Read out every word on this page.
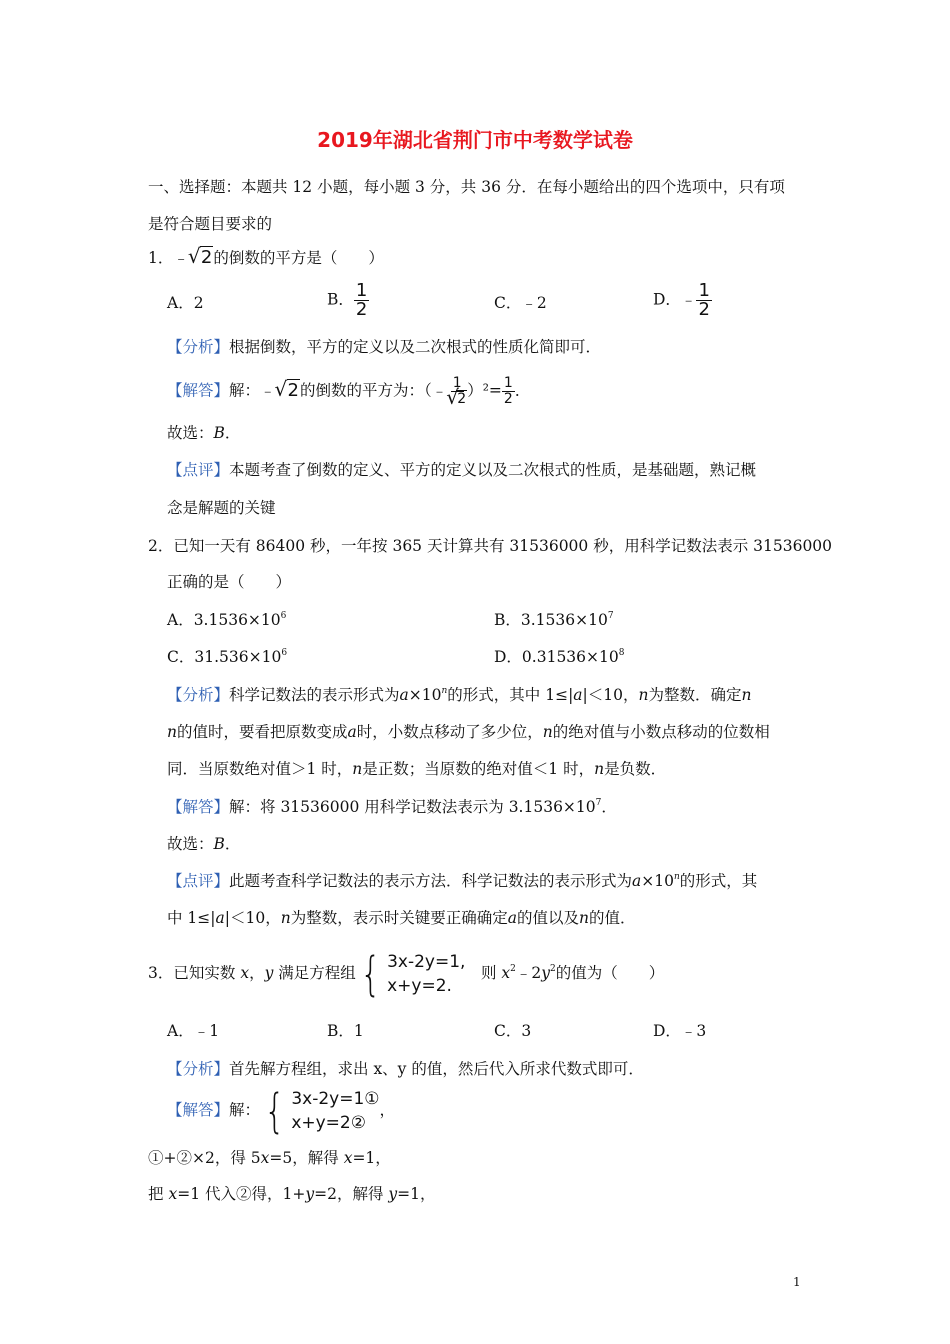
2019年湖北省荆门市中考数学试卷
一、选择题：本题共 12 小题，每小题 3 分，共 36 分．在每小题给出的四个选项中，只有项
是符合题目要求的
1．﹣ √ 2的倒数的平方是（　　）
A．2	B． $\frac{1}{2}$	C．﹣2	D．﹣ $\frac{1}{2}$
【分析】根据倒数，平方的定义以及二次根式的性质化简即可．
【解答】解：﹣ √ 2的倒数的平方为：（﹣ 1
√ 2 ）$^2= \frac{1}{2}$ ．
故选：B．
【点评】本题考查了倒数的定义、平方的定义以及二次根式的性质，是基础题，熟记概
念是解题的关键
2．已知一天有 86400 秒，一年按 365 天计算共有 31536000 秒，用科学记数法表示 31536000
正确的是（　　）
A．$3.1536\times 10^6$	B．$3.1536\times 10^7$
C．$31.536\times 10^6$	D．$0.31536\times 10^8$
【分析】科学记数法的表示形式为$a\times 10^n$的形式，其中 1≤|a|＜10，n为整数．确定n
n的值时，要看把原数变成a时，小数点移动了多少位，n的绝对值与小数点移动的位数相
同．当原数绝对值＞1 时，n是正数；当原数的绝对值＜1 时，n是负数．
【解答】解：将 31536000 用科学记数法表示为 $3.1536\times 10^7$．
故选：B．
【点评】此题考查科学记数法的表示方法．科学记数法的表示形式为$a\times 10^n$的形式，其
中 1≤|a|＜10，n为整数，表示时关键要正确确定a的值以及n的值．
3．已知实数 x，y 满足方程组 { 3x-2y=1,
x+y=2.
　则 $x^2﹣2y^2$的值为（　　）
A．﹣1	B．1	C．3	D．﹣3
【分析】首先解方程组，求出 x、y 的值，然后代入所求代数式即可．
【解答】解： { 3x-2y=1①
x+y=2②
，
①+②×2，得 5x=5，解得 x=1，
把 x=1 代入②得，1+y=2，解得 y=1，
1
